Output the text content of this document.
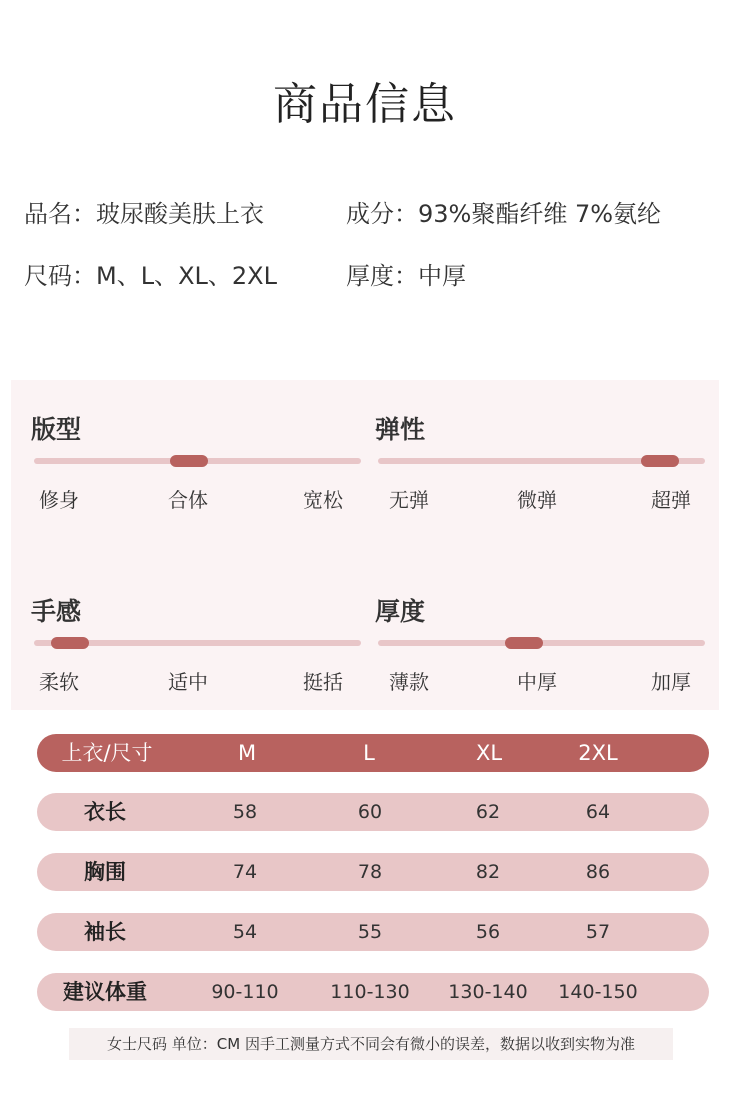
商品信息
品名：玻尿酸美肤上衣	成分：93%聚酯纤维 7%氨纶
尺码：M、L、XL、2XL	厚度：中厚
版型
修身	合体	宽松
弹性
无弹	微弹	超弹
手感
柔软	适中	挺括
厚度
薄款	中厚	加厚
上衣/尺寸	M	L	XL	2XL
衣长	58	60	62	64
胸围	74	78	82	86
袖长	54	55	56	57
建议体重	90-110	110-130 130-140 140-150
女士尺码 单位：CM 因手工测量方式不同会有微小的误差，数据以收到实物为准
